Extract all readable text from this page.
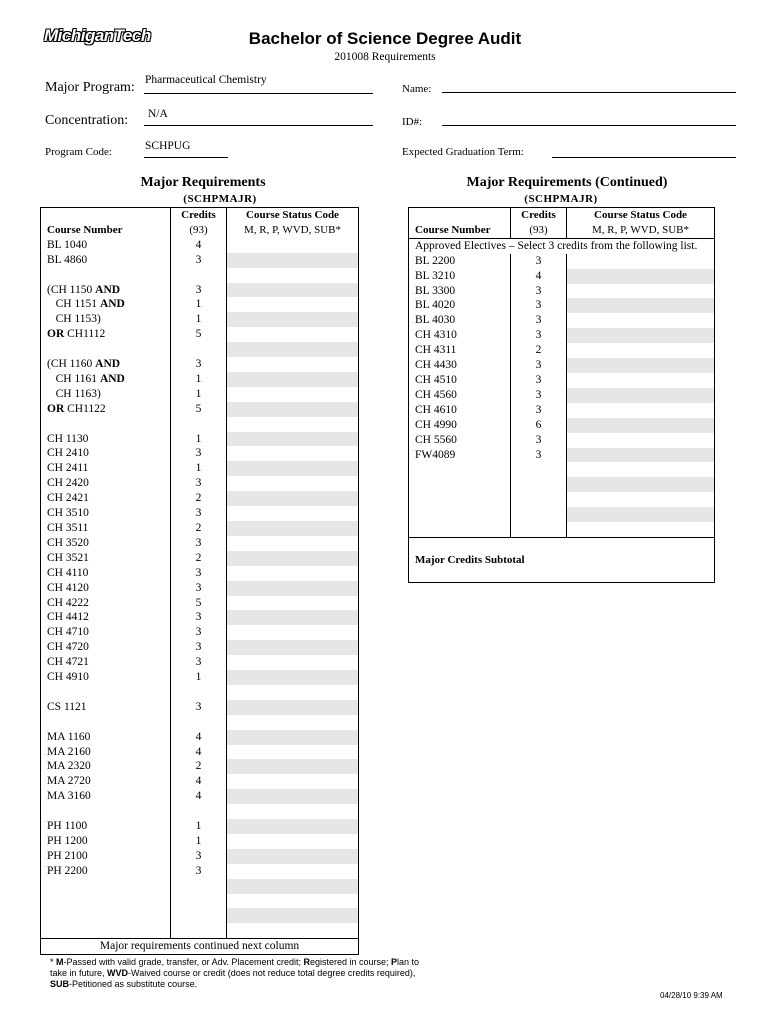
MichiganTech	Bachelor of Science Degree Audit
201008 Requirements
Major Program: Pharmaceutical Chemistry
Name:
Concentration: N/A
ID#:
Program Code:	SCHPUG	Expected Graduation Term:
Major Requirements
(SCHPMAJR)
Major Requirements (Continued)
(SCHPMAJR)
	Credits	Course Status Code
Course Number	(93)	M, R, P, WVD, SUB*
BL 1040	4	
BL 4860	3	

(CH 1150 AND	3	
CH 1151 AND	1	
CH 1153)	1	
OR CH1112	5	

(CH 1160 AND	3	
CH 1161 AND	1	
CH 1163)	1	
OR CH1122	5	

CH 1130	1	
CH 2410	3	
CH 2411	1	
CH 2420	3	
CH 2421	2	
CH 3510	3	
CH 3511	2	
CH 3520	3	
CH 3521	2	
CH 4110	3	
CH 4120	3	
CH 4222	5	
CH 4412	3	
CH 4710	3	
CH 4720	3	
CH 4721	3	
CH 4910	1	

CS 1121	3	

MA 1160	4	
MA 2160	4	
MA 2320	2	
MA 2720	4	
MA 3160	4	

PH 1100	1	
PH 1200	1	
PH 2100	3	
PH 2200	3	

Major requirements continued next column		
	Credits	Course Status Code
Course Number	(93)	M, R, P, WVD, SUB*
Approved Electives – Select 3 credits from the following list.		
BL 2200	3	
BL 3210	4	
BL 3300	3	
BL 4020	3	
BL 4030	3	
CH 4310	3	
CH 4311	2	
CH 4430	3	
CH 4510	3	
CH 4560	3	
CH 4610	3	
CH 4990	6	
CH 5560	3	
FW4089	3	

Major Credits Subtotal		
* M-Passed with valid grade, transfer, or Adv. Placement credit; Registered in course; Plan to take in future, WVD-Waived course or credit (does not reduce total degree credits required), SUB-Petitioned as substitute course.
04/28/10 9:39 AM
